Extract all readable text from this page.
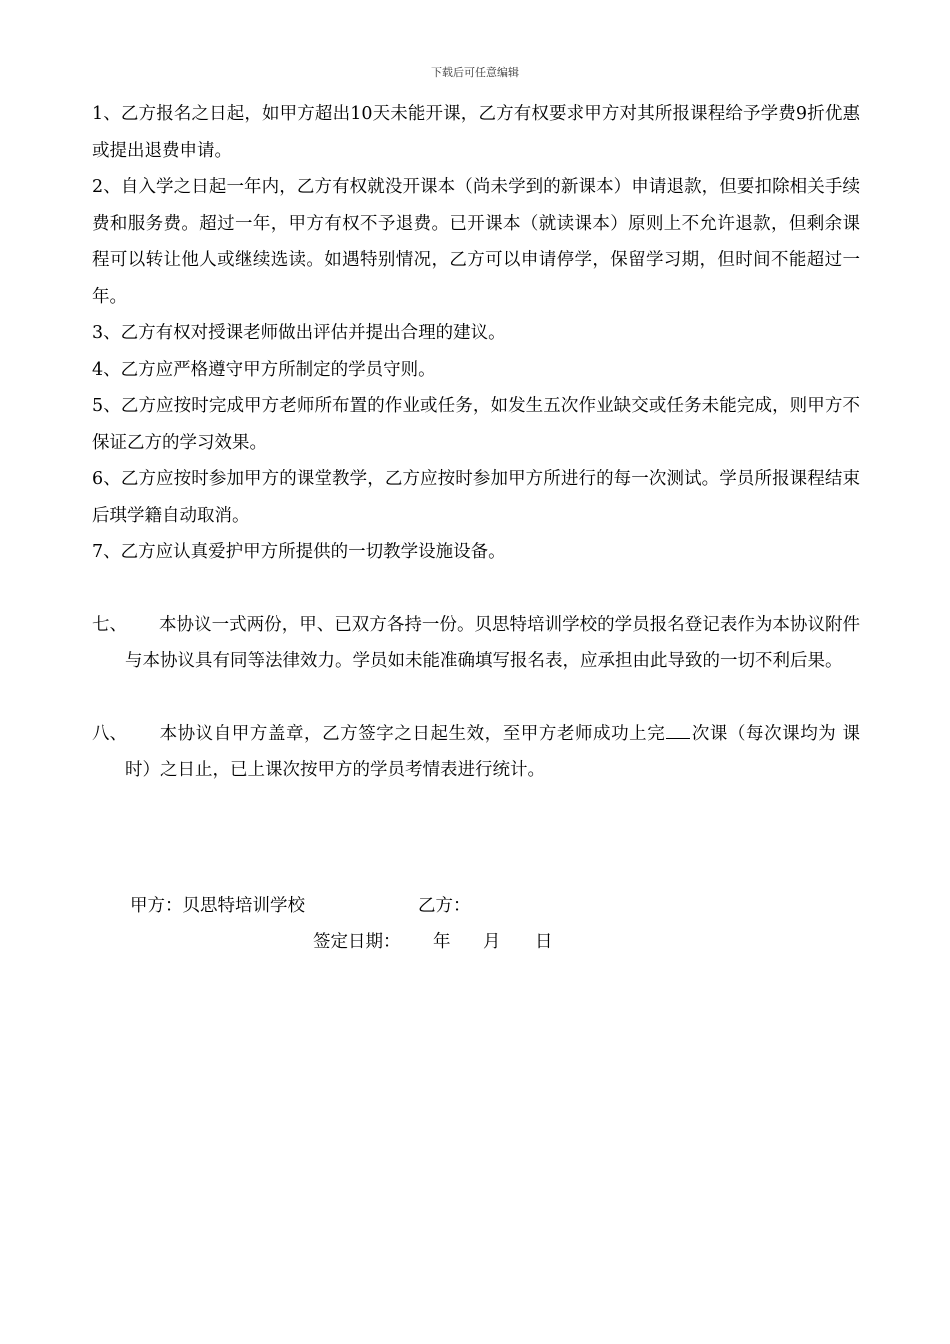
下载后可任意编辑

1、乙方报名之日起，如甲方超出10天未能开课，乙方有权要求甲方对其所报课程给予学费9折优惠或提出退费申请。

2、自入学之日起一年内，乙方有权就没开课本（尚未学到的新课本）申请退款，但要扣除相关手续费和服务费。超过一年，甲方有权不予退费。已开课本（就读课本）原则上不允许退款，但剩余课程可以转让他人或继续选读。如遇特别情况，乙方可以申请停学，保留学习期，但时间不能超过一年。

3、乙方有权对授课老师做出评估并提出合理的建议。

4、乙方应严格遵守甲方所制定的学员守则。

5、乙方应按时完成甲方老师所布置的作业或任务，如发生五次作业缺交或任务未能完成，则甲方不保证乙方的学习效果。

6、乙方应按时参加甲方的课堂教学，乙方应按时参加甲方所进行的每一次测试。学员所报课程结束后琪学籍自动取消。

7、乙方应认真爱护甲方所提供的一切教学设施设备。

七、 本协议一式两份，甲、已双方各持一份。贝思特培训学校的学员报名登记表作为本协议附件与本协议具有同等法律效力。学员如未能准确填写报名表，应承担由此导致的一切不利后果。

八、 本协议自甲方盖章，乙方签字之日起生效，至甲方老师成功上完 次课（每次课均为 课时）之日止，已上课次按甲方的学员考情表进行统计。

甲方：贝思特培训学校	乙方：
签定日期： 年 月 日
